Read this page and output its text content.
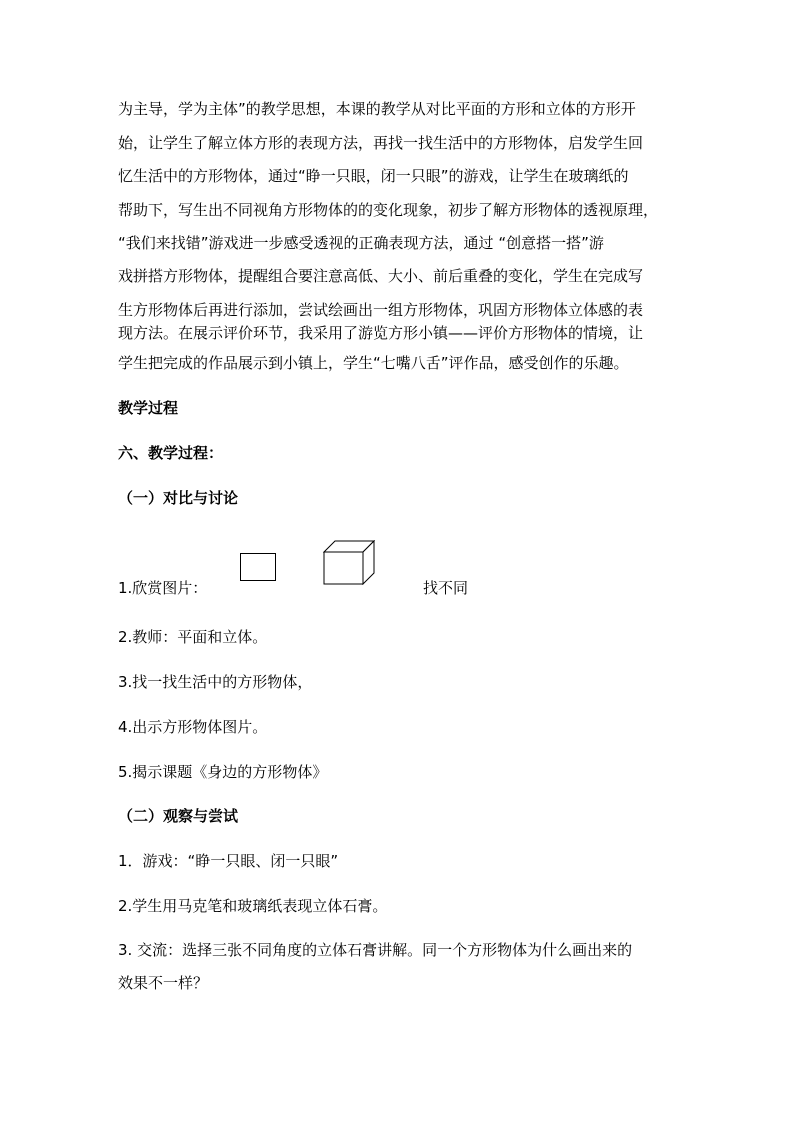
为主导，学为主体”的教学思想，本课的教学从对比平面的方形和立体的方形开
始，让学生了解立体方形的表现方法，再找一找生活中的方形物体，启发学生回
忆生活中的方形物体，通过“睁一只眼，闭一只眼”的游戏，让学生在玻璃纸的
帮助下，写生出不同视角方形物体的的变化现象，初步了解方形物体的透视原理，
“我们来找错”游戏进一步感受透视的正确表现方法，通过 “创意搭一搭”游
戏拼搭方形物体，提醒组合要注意高低、大小、前后重叠的变化，学生在完成写
生方形物体后再进行添加，尝试绘画出一组方形物体，巩固方形物体立体感的表
现方法。在展示评价环节，我采用了游览方形小镇——评价方形物体的情境，让
学生把完成的作品展示到小镇上，学生“七嘴八舌”评作品，感受创作的乐趣。
教学过程
六、教学过程：
（一）对比与讨论
1.欣赏图片：	找不同
2.教师：平面和立体。
3.找一找生活中的方形物体，
4.出示方形物体图片。
5.揭示课题《身边的方形物体》
（二）观察与尝试
1．游戏：“睁一只眼、闭一只眼”
2.学生用马克笔和玻璃纸表现立体石膏。
3. 交流：选择三张不同角度的立体石膏讲解。同一个方形物体为什么画出来的
效果不一样？
